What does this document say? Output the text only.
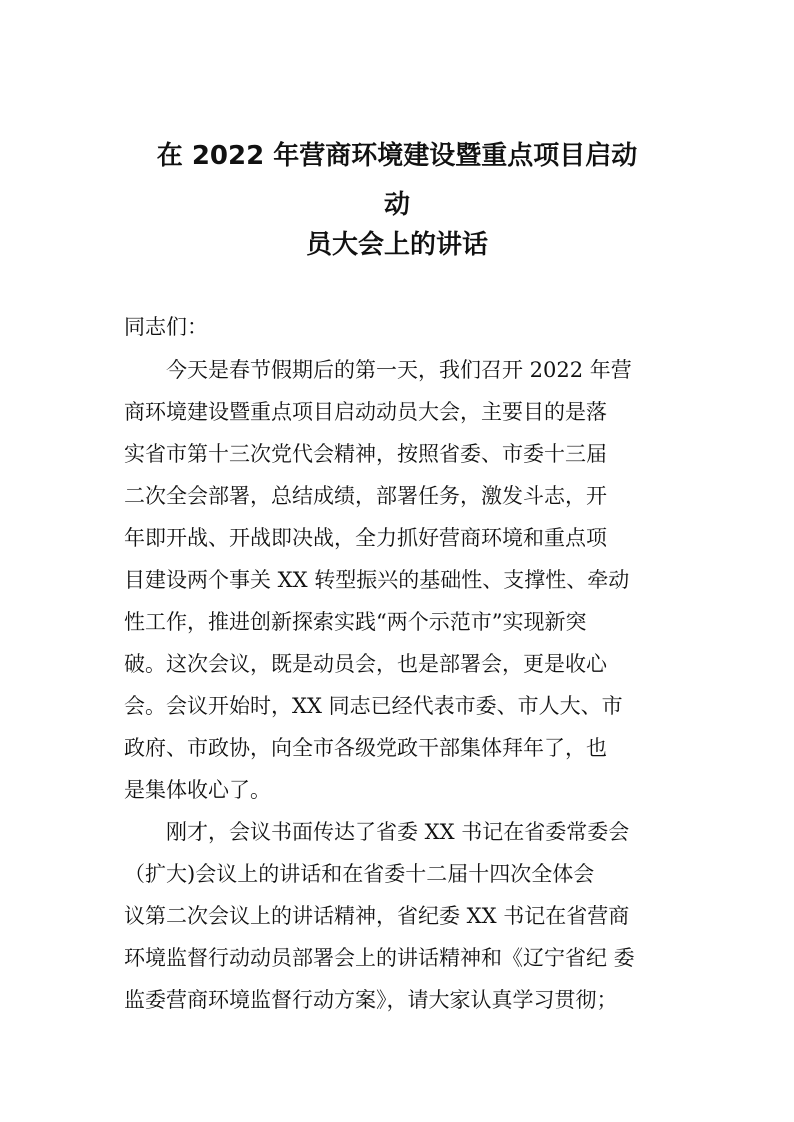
在 2022 年营商环境建设暨重点项目启动
动
员大会上的讲话
同志们：
今天是春节假期后的第一天，我们召开 2022 年营
商环境建设暨重点项目启动动员大会，主要目的是落
实省市第十三次党代会精神，按照省委、市委十三届
二次全会部署，总结成绩，部署任务，激发斗志，开
年即开战、开战即决战，全力抓好营商环境和重点项
目建设两个事关 XX 转型振兴的基础性、支撑性、牵动
性工作，推进创新探索实践“两个示范市”实现新突
破。这次会议，既是动员会，也是部署会，更是收心
会。会议开始时，XX 同志已经代表市委、市人大、市
政府、市政协，向全市各级党政干部集体拜年了，也
是集体收心了。
刚才，会议书面传达了省委 XX 书记在省委常委会
（扩大)会议上的讲话和在省委十二届十四次全体会
议第二次会议上的讲话精神，省纪委 XX 书记在省营商
环境监督行动动员部署会上的讲话精神和《辽宁省纪 委
监委营商环境监督行动方案》，请大家认真学习贯彻；
